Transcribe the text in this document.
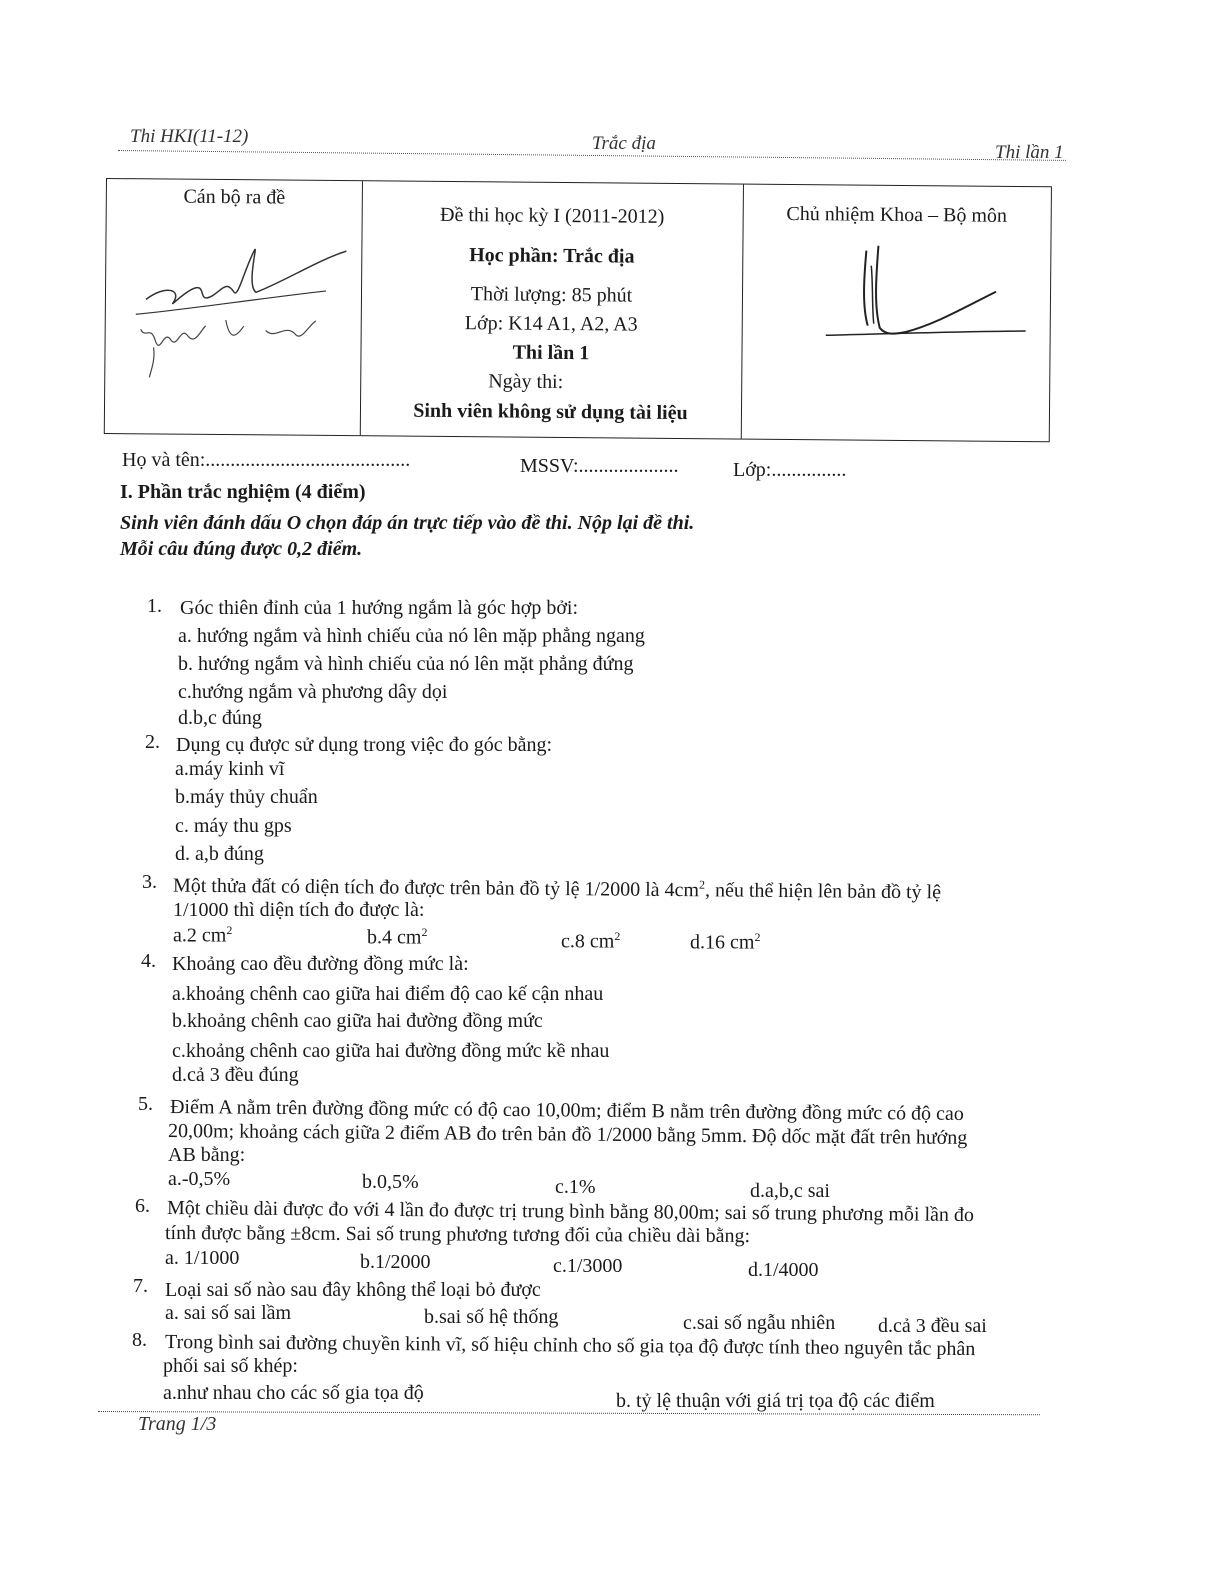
Thi HKI(11-12)	Trắc địa	Thi lần 1
Cán bộ ra đề
Đề thi học kỳ I (2011-2012)
Học phần: Trắc địa
Thời lượng: 85 phút
Lớp: K14 A1, A2, A3
Thi lần 1
Ngày thi:
Sinh viên không sử dụng tài liệu
Chủ nhiệm Khoa – Bộ môn
Họ và tên:.........................................	MSSV:....................	Lớp:...............
I. Phần trắc nghiệm (4 điểm)
Sinh viên đánh dấu O chọn đáp án trực tiếp vào đề thi. Nộp lại đề thi.
Mỗi câu đúng được 0,2 điểm.
1. Góc thiên đỉnh của 1 hướng ngắm là góc hợp bởi:
a. hướng ngắm và hình chiếu của nó lên mặp phẳng ngang
b. hướng ngắm và hình chiếu của nó lên mặt phẳng đứng
c.hướng ngắm và phương dây dọi
d.b,c đúng
2. Dụng cụ được sử dụng trong việc đo góc bằng:
a.máy kinh vĩ
b.máy thủy chuẩn
c. máy thu gps
d. a,b đúng
3. Một thửa đất có diện tích đo được trên bản đồ tỷ lệ 1/2000 là $4cm^2$, nếu thể hiện lên bản đồ tỷ lệ
1/1000 thì diện tích đo được là:
a.2 $cm^2$	b.4 $cm^2$	c.8 $cm^2$	d.16 $cm^2$
4. Khoảng cao đều đường đồng mức là:
a.khoảng chênh cao giữa hai điểm độ cao kế cận nhau
b.khoảng chênh cao giữa hai đường đồng mức
c.khoảng chênh cao giữa hai đường đồng mức kề nhau
d.cả 3 đều đúng
5. Điểm A nằm trên đường đồng mức có độ cao 10,00m; điểm B nằm trên đường đồng mức có độ cao
20,00m; khoảng cách giữa 2 điểm AB đo trên bản đồ 1/2000 bằng 5mm. Độ dốc mặt đất trên hướng
AB bằng:
a.-0,5%	b.0,5%	c.1%	d.a,b,c sai
6. Một chiều dài được đo với 4 lần đo được trị trung bình bằng 80,00m; sai số trung phương mỗi lần đo
tính được bằng ±8cm. Sai số trung phương tương đối của chiều dài bằng:
a. 1/1000	b.1/2000	c.1/3000	d.1/4000
7. Loại sai số nào sau đây không thể loại bỏ được
a. sai số sai lầm	b.sai số hệ thống	c.sai số ngẫu nhiên d.cả 3 đều sai
8. Trong bình sai đường chuyền kinh vĩ, số hiệu chỉnh cho số gia tọa độ được tính theo nguyên tắc phân
phối sai số khép:
a.như nhau cho các số gia tọa độ	b. tỷ lệ thuận với giá trị tọa độ các điểm
Trang 1/3
